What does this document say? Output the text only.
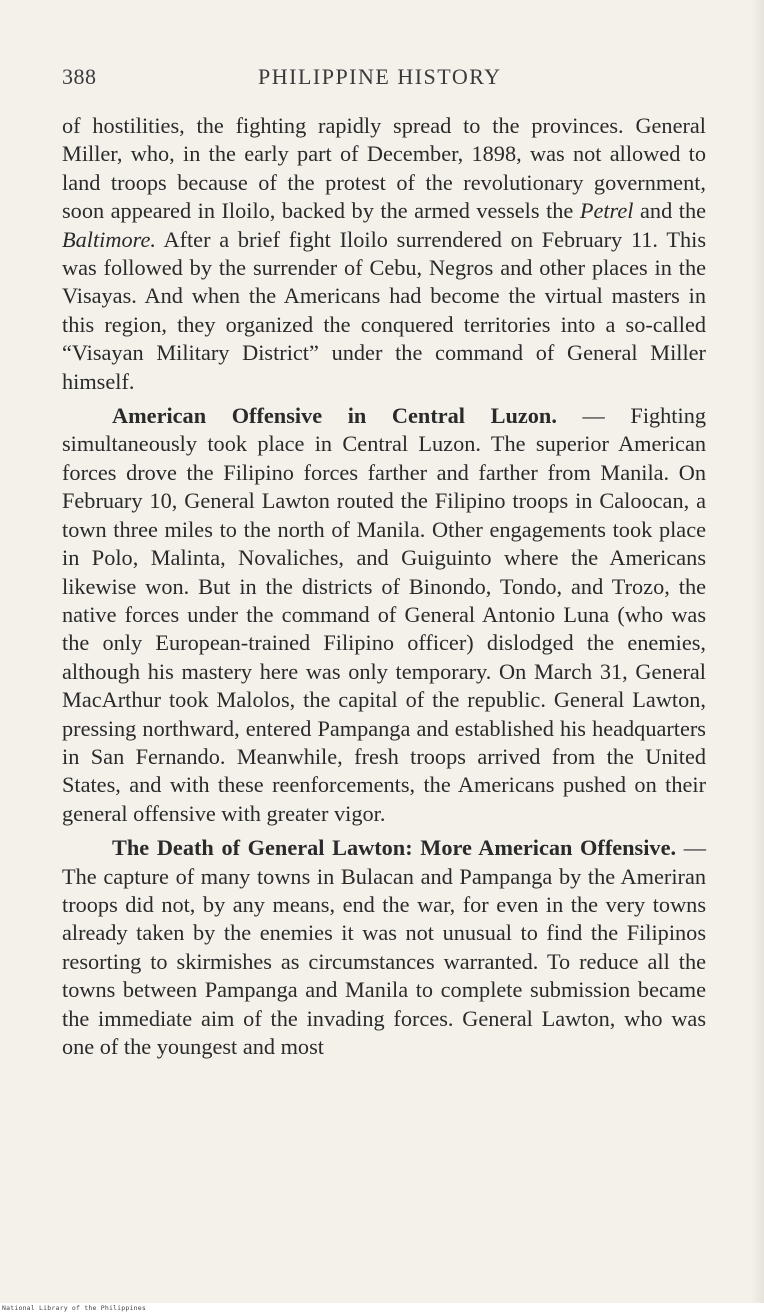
388	PHILIPPINE HISTORY

of hostilities, the fighting rapidly spread to the provinces. General Miller, who, in the early part of December, 1898, was not allowed to land troops because of the protest of the revolutionary government, soon appeared in Iloilo, backed by the armed vessels the Petrel and the Baltimore. After a brief fight Iloilo surrendered on February 11. This was followed by the surrender of Cebu, Negros and other places in the Visayas. And when the Americans had become the virtual masters in this region, they organized the conquered territories into a so-called “Visayan Military District” under the command of General Miller himself.

American Offensive in Central Luzon. — Fighting simultaneously took place in Central Luzon. The superior American forces drove the Filipino forces farther and farther from Manila. On February 10, General Lawton routed the Filipino troops in Caloocan, a town three miles to the north of Manila. Other engagements took place in Polo, Malinta, Novaliches, and Guiguinto where the Americans likewise won. But in the districts of Binondo, Tondo, and Trozo, the native forces under the command of General Antonio Luna (who was the only European-trained Filipino officer) dislodged the enemies, although his mastery here was only temporary. On March 31, General MacArthur took Malolos, the capital of the republic. General Lawton, pressing northward, entered Pampanga and established his headquarters in San Fernando. Meanwhile, fresh troops arrived from the United States, and with these reenforcements, the Americans pushed on their general offensive with greater vigor.

The Death of General Lawton: More American Offensive. — The capture of many towns in Bulacan and Pampanga by the Ameriran troops did not, by any means, end the war, for even in the very towns already taken by the enemies it was not unusual to find the Filipinos resorting to skirmishes as circumstances warranted. To reduce all the towns between Pampanga and Manila to complete submission became the immediate aim of the invading forces. General Lawton, who was one of the youngest and most

National Library of the Philippines
